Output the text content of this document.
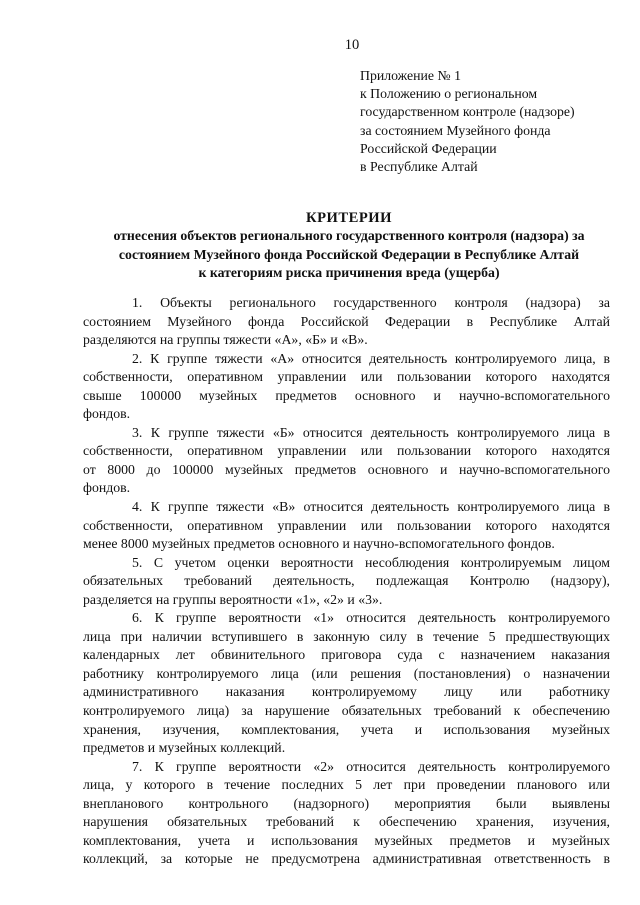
10
Приложение № 1
к Положению о региональном
государственном контроле (надзоре)
за состоянием Музейного фонда
Российской Федерации
в Республике Алтай
КРИТЕРИИ
отнесения объектов регионального государственного контроля (надзора) за
состоянием Музейного фонда Российской Федерации в Республике Алтай
к категориям риска причинения вреда (ущерба)
1. Объекты регионального государственного контроля (надзора) за
состоянием Музейного фонда Российской Федерации в Республике Алтай
разделяются на группы тяжести «А», «Б» и «В».
2. К группе тяжести «А» относится деятельность контролируемого лица, в
собственности, оперативном управлении или пользовании которого находятся
свыше 100000 музейных предметов основного и научно-вспомогательного
фондов.
3. К группе тяжести «Б» относится деятельность контролируемого лица в
собственности, оперативном управлении или пользовании которого находятся
от 8000 до 100000 музейных предметов основного и научно-вспомогательного
фондов.
4. К группе тяжести «В» относится деятельность контролируемого лица в
собственности, оперативном управлении или пользовании которого находятся
менее 8000 музейных предметов основного и научно-вспомогательного фондов.
5. С учетом оценки вероятности несоблюдения контролируемым лицом
обязательных требований деятельность, подлежащая Контролю (надзору),
разделяется на группы вероятности «1», «2» и «3».
6. К группе вероятности «1» относится деятельность контролируемого
лица при наличии вступившего в законную силу в течение 5 предшествующих
календарных лет обвинительного приговора суда с назначением наказания
работнику контролируемого лица (или решения (постановления) о назначении
административного наказания контролируемому лицу или работнику
контролируемого лица) за нарушение обязательных требований к обеспечению
хранения, изучения, комплектования, учета и использования музейных
предметов и музейных коллекций.
7. К группе вероятности «2» относится деятельность контролируемого
лица, у которого в течение последних 5 лет при проведении планового или
внепланового контрольного (надзорного) мероприятия были выявлены
нарушения обязательных требований к обеспечению хранения, изучения,
комплектования, учета и использования музейных предметов и музейных
коллекций, за которые не предусмотрена административная ответственность в
